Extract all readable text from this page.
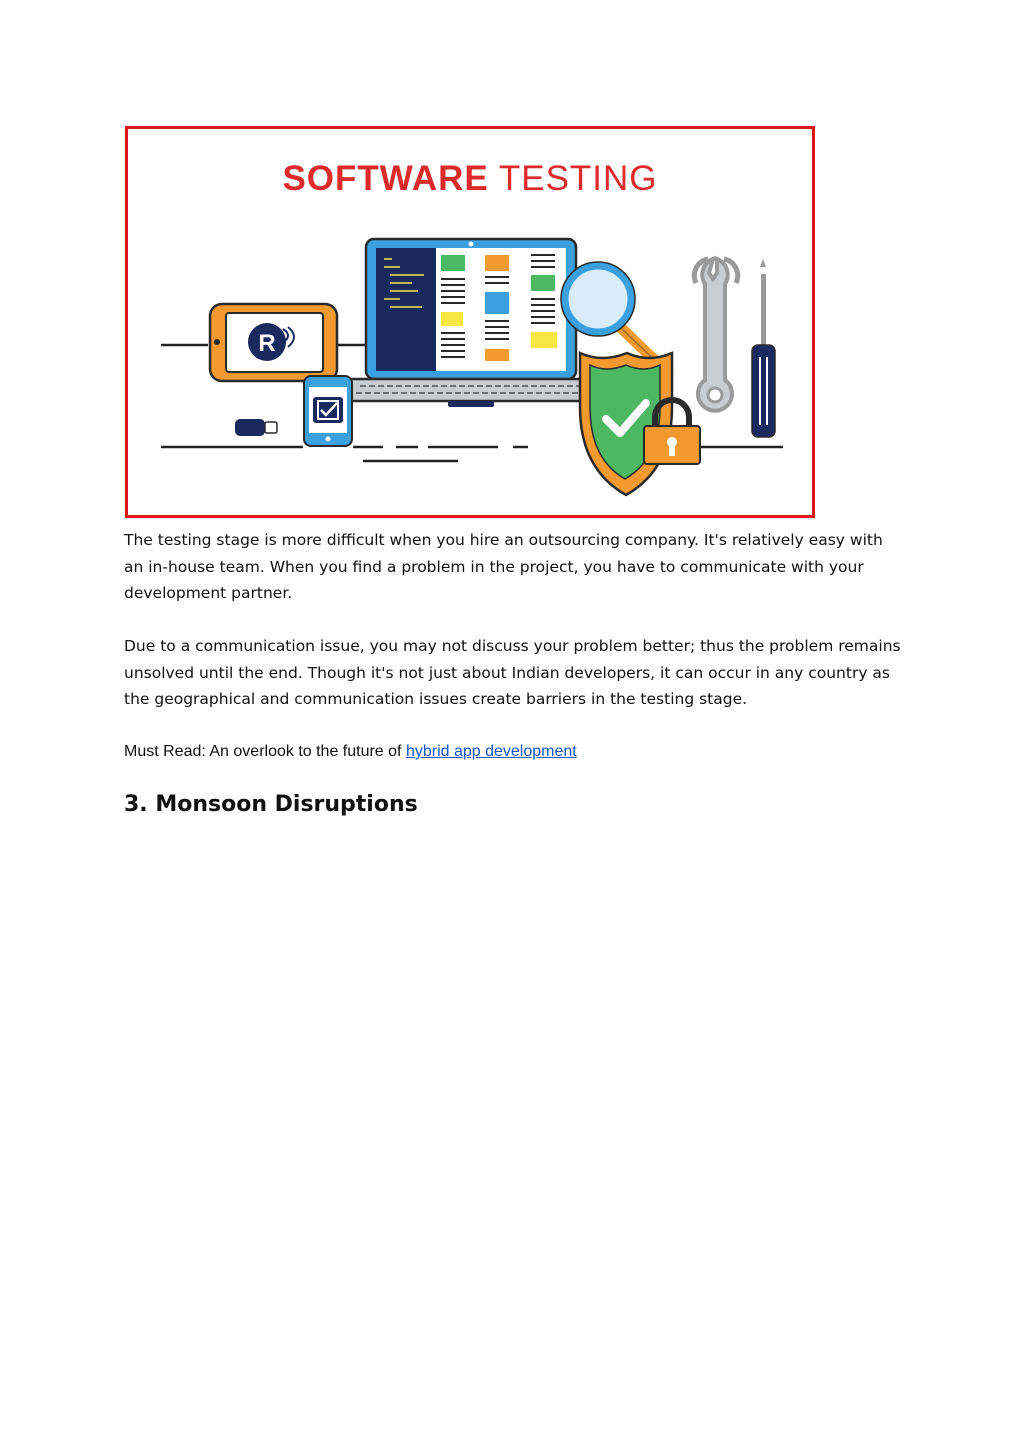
SOFTWARE TESTING
R

The testing stage is more difficult when you hire an outsourcing company. It's relatively easy with an in-house team. When you find a problem in the project, you have to communicate with your development partner.

Due to a communication issue, you may not discuss your problem better; thus the problem remains unsolved until the end. Though it's not just about Indian developers, it can occur in any country as the geographical and communication issues create barriers in the testing stage.

Must Read: An overlook to the future of hybrid app development
3. Monsoon Disruptions
